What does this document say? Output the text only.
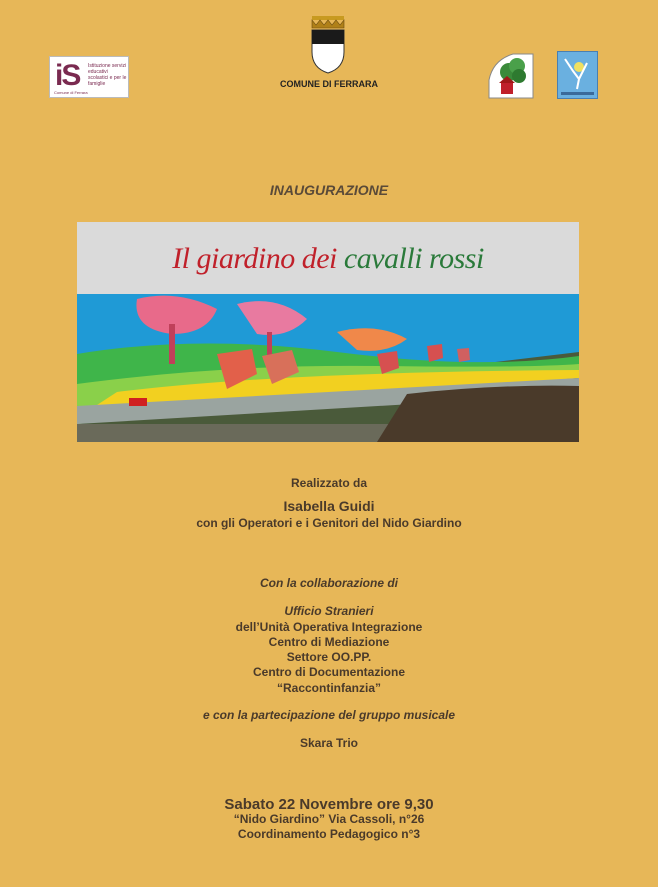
iS Istituzione servizi educativi scolastici e per le famiglie
Comune di Ferrara
COMUNE DI FERRARA
INAUGURAZIONE
Il giardino dei cavalli rossi
Realizzato da
Isabella Guidi
con gli Operatori e i Genitori del Nido Giardino
Con la collaborazione di
Ufficio Stranieri
dell’Unità Operativa Integrazione
Centro di Mediazione
Settore OO.PP.
Centro di Documentazione
“Raccontinfanzia”
e con la partecipazione del gruppo musicale
Skara Trio
Sabato 22 Novembre ore 9,30
“Nido Giardino” Via Cassoli, n°26
Coordinamento Pedagogico n°3
